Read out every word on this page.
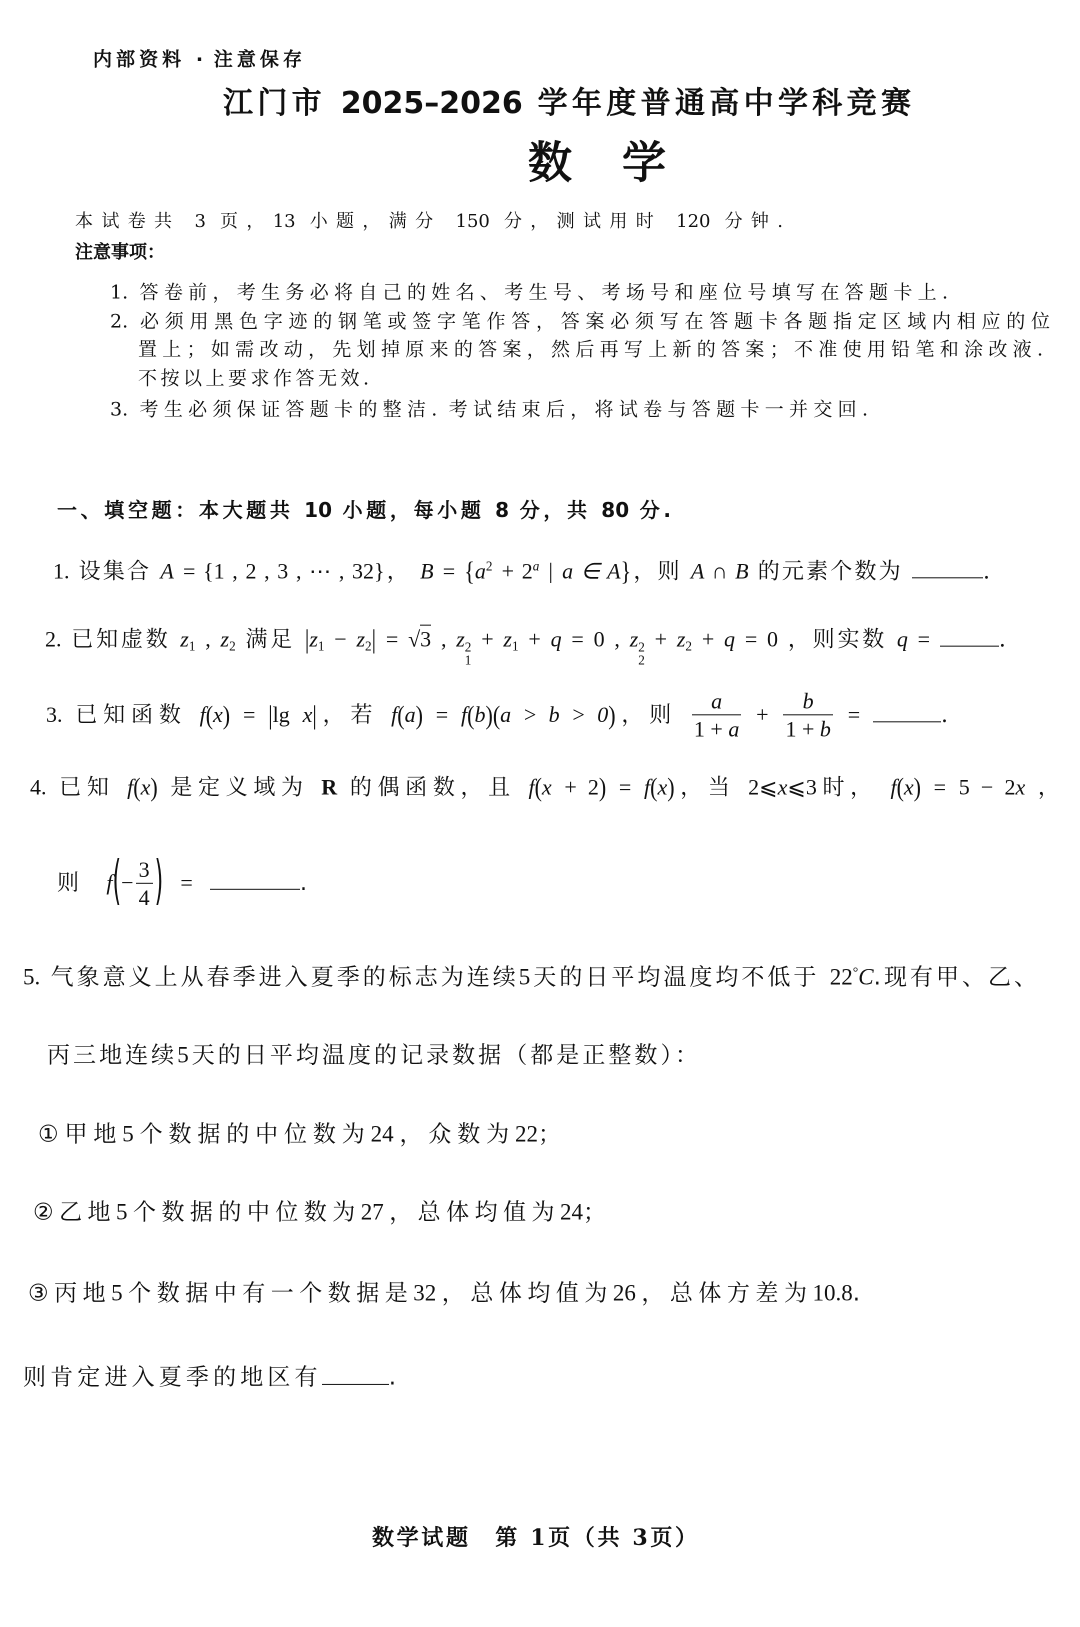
内部资料 · 注意保存
江门市 2025–2026 学年度普通高中学科竞赛
数学
本试卷共 3 页，13 小题，满分 150 分，测试用时 120 分钟.
注意事项：
1. 答卷前，考生务必将自己的姓名、考生号、考场号和座位号填写在答题卡上.
2. 必须用黑色字迹的钢笔或签字笔作答，答案必须写在答题卡各题指定区域内相应的位
置上；如需改动，先划掉原来的答案，然后再写上新的答案；不准使用铅笔和涂改液.
不按以上要求作答无效.
3. 考生必须保证答题卡的整洁. 考试结束后，将试卷与答题卡一并交回.
一、填空题：本大题共 10 小题，每小题 8 分，共 80 分.
1. 设集合 A = {1 , 2 , 3 , ⋯ , 32}， $B = \{a^2 + 2^a$ | a ∈ A}，则 A ∩ B 的元素个数为	.
2. 已知虚数 $z_1$ , $z_2$ 满足 $|z_1 - z_2| = √3$ , z 2
1
+ $z_1 + q = 0$ , z 2
2
+ $z_2 + q = 0$ ，则实数 q =	.
3. 已知函数 f(x) = |lg x|，若 f(a) = f(b)(a > b > 0)，则 $\frac{a}{1 + a} + \frac{b}{1 + b}$ =	.
4. 已知 f(x) 是定义域为 R 的偶函数，且 f(x + 2) = f(x)，当 2⩽x⩽3时， f(x) = 5 − 2x ，
则 $f(- \frac{3}{4}$ ) =	.
5. 气象意义上从春季进入夏季的标志为连续5天的日平均温度均不低于 22°C.现有甲、乙、
丙三地连续5天的日平均温度的记录数据（都是正整数）：
①甲地5个数据的中位数为24，众数为22；
②乙地5个数据的中位数为27，总体均值为24；
③丙地5个数据中有一个数据是32，总体均值为26，总体方差为10.8.
则肯定进入夏季的地区有	.
数学试题　第 1页（共 3页）
